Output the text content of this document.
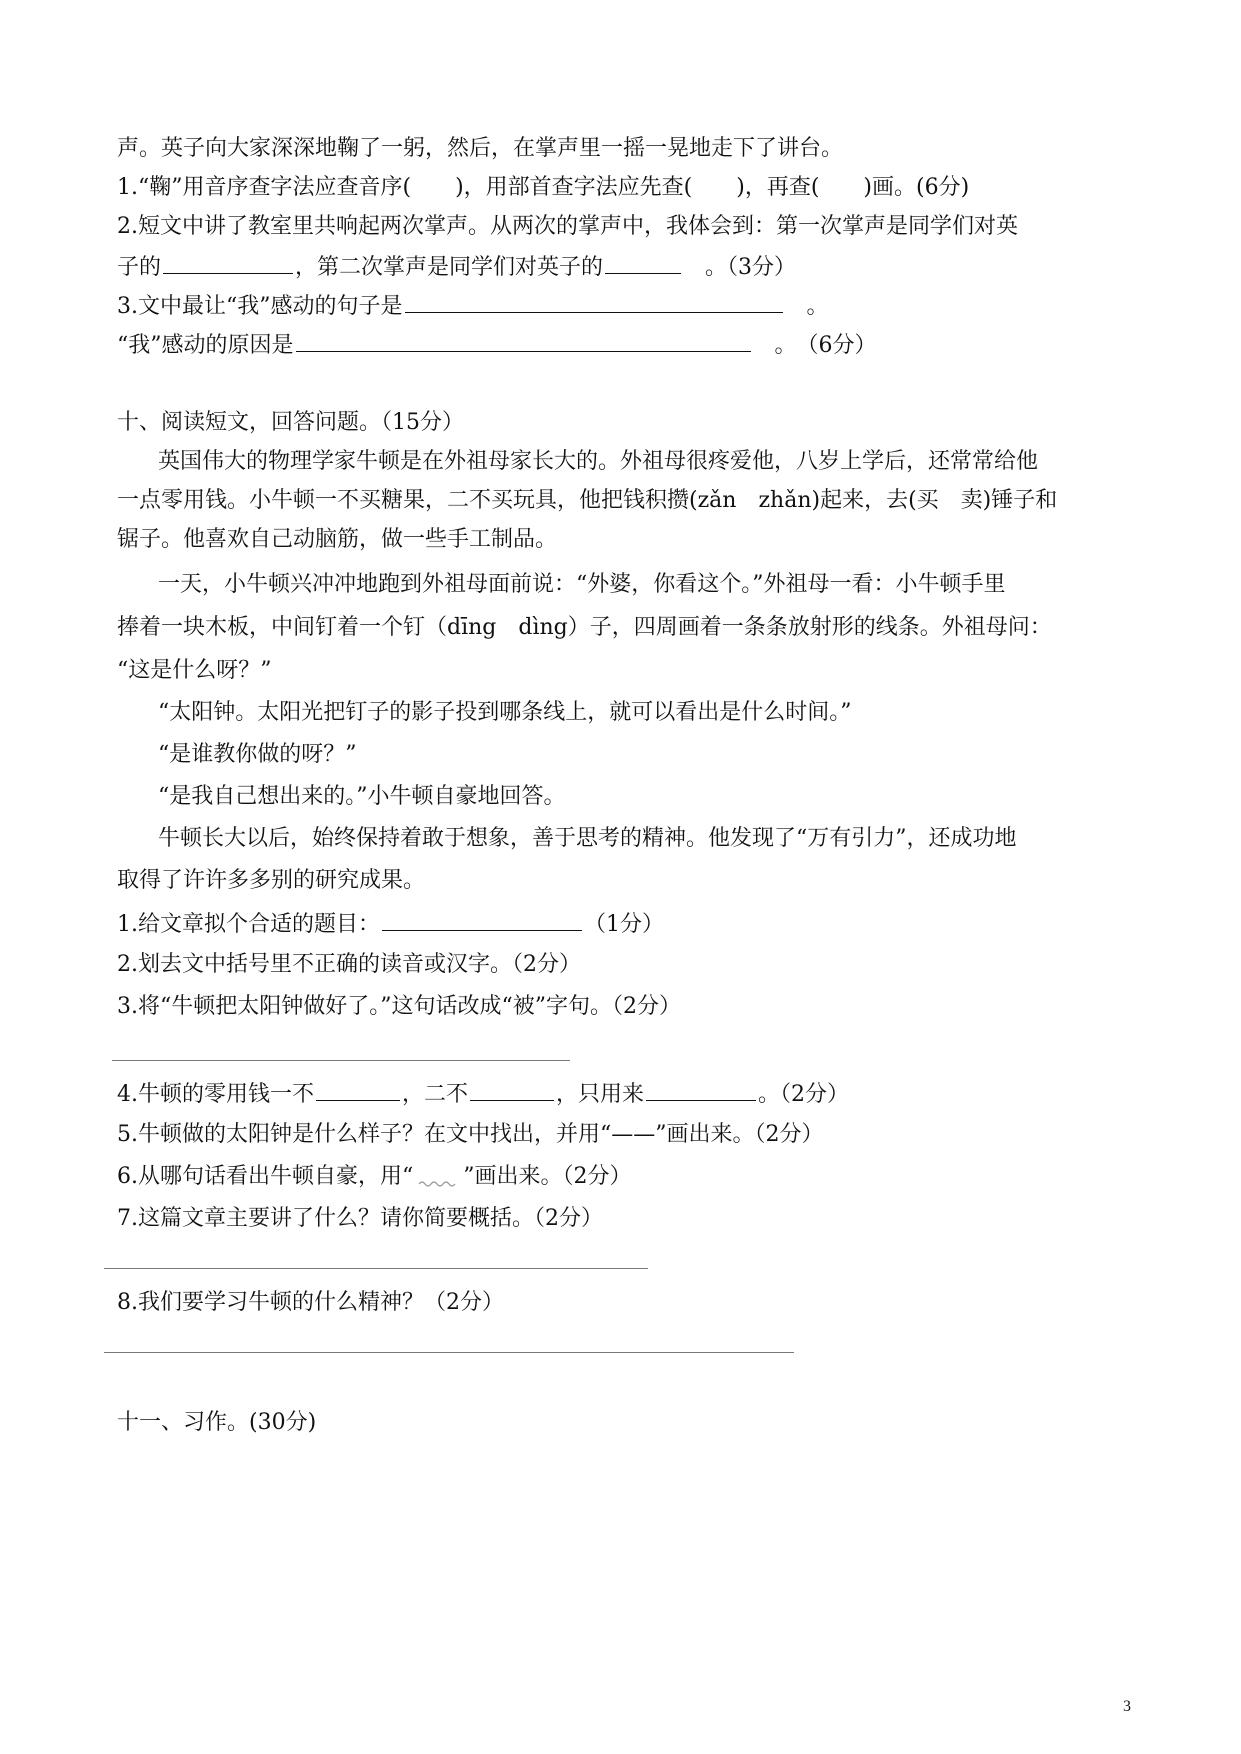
声。英子向大家深深地鞠了一躬，然后，在掌声里一摇一晃地走下了讲台。
1.“鞠”用音序查字法应查音序(　　)，用部首查字法应先查(　　)，再查(　　)画。(6分)
2.短文中讲了教室里共响起两次掌声。从两次的掌声中，我体会到：第一次掌声是同学们对英
子的	，第二次掌声是同学们对英子的	　。（3分）
3.文中最让“我”感动的句子是	　。
“我”感动的原因是	　。　（6分）
十、阅读短文，回答问题。（15分）
英国伟大的物理学家牛顿是在外祖母家长大的。外祖母很疼爱他，八岁上学后，还常常给他
一点零用钱。小牛顿一不买糖果，二不买玩具，他把钱积攒(zǎn　zhǎn)起来，去(买　卖)锤子和
锯子。他喜欢自己动脑筋，做一些手工制品。
一天，小牛顿兴冲冲地跑到外祖母面前说：“外婆，你看这个。”外祖母一看：小牛顿手里
捧着一块木板，中间钉着一个钉（dīng　dìng）子，四周画着一条条放射形的线条。外祖母问：
“这是什么呀？”
“太阳钟。太阳光把钉子的影子投到哪条线上，就可以看出是什么时间。”
“是谁教你做的呀？”
“是我自己想出来的。”小牛顿自豪地回答。
牛顿长大以后，始终保持着敢于想象，善于思考的精神。他发现了“万有引力”，还成功地
取得了许许多多别的研究成果。
1.给文章拟个合适的题目：	（1分）
2.划去文中括号里不正确的读音或汉字。（2分）
3.将“牛顿把太阳钟做好了。”这句话改成“被”字句。（2分）
4.牛顿的零用钱一不	，二不	，只用来	。（2分）
5.牛顿做的太阳钟是什么样子？在文中找出，并用“——”画出来。（2分）
6.从哪句话看出牛顿自豪，用“ ”画出来。（2分）
7.这篇文章主要讲了什么？请你简要概括。（2分）
8.我们要学习牛顿的什么精神？（2分）
十一、习作。(30分)
3
